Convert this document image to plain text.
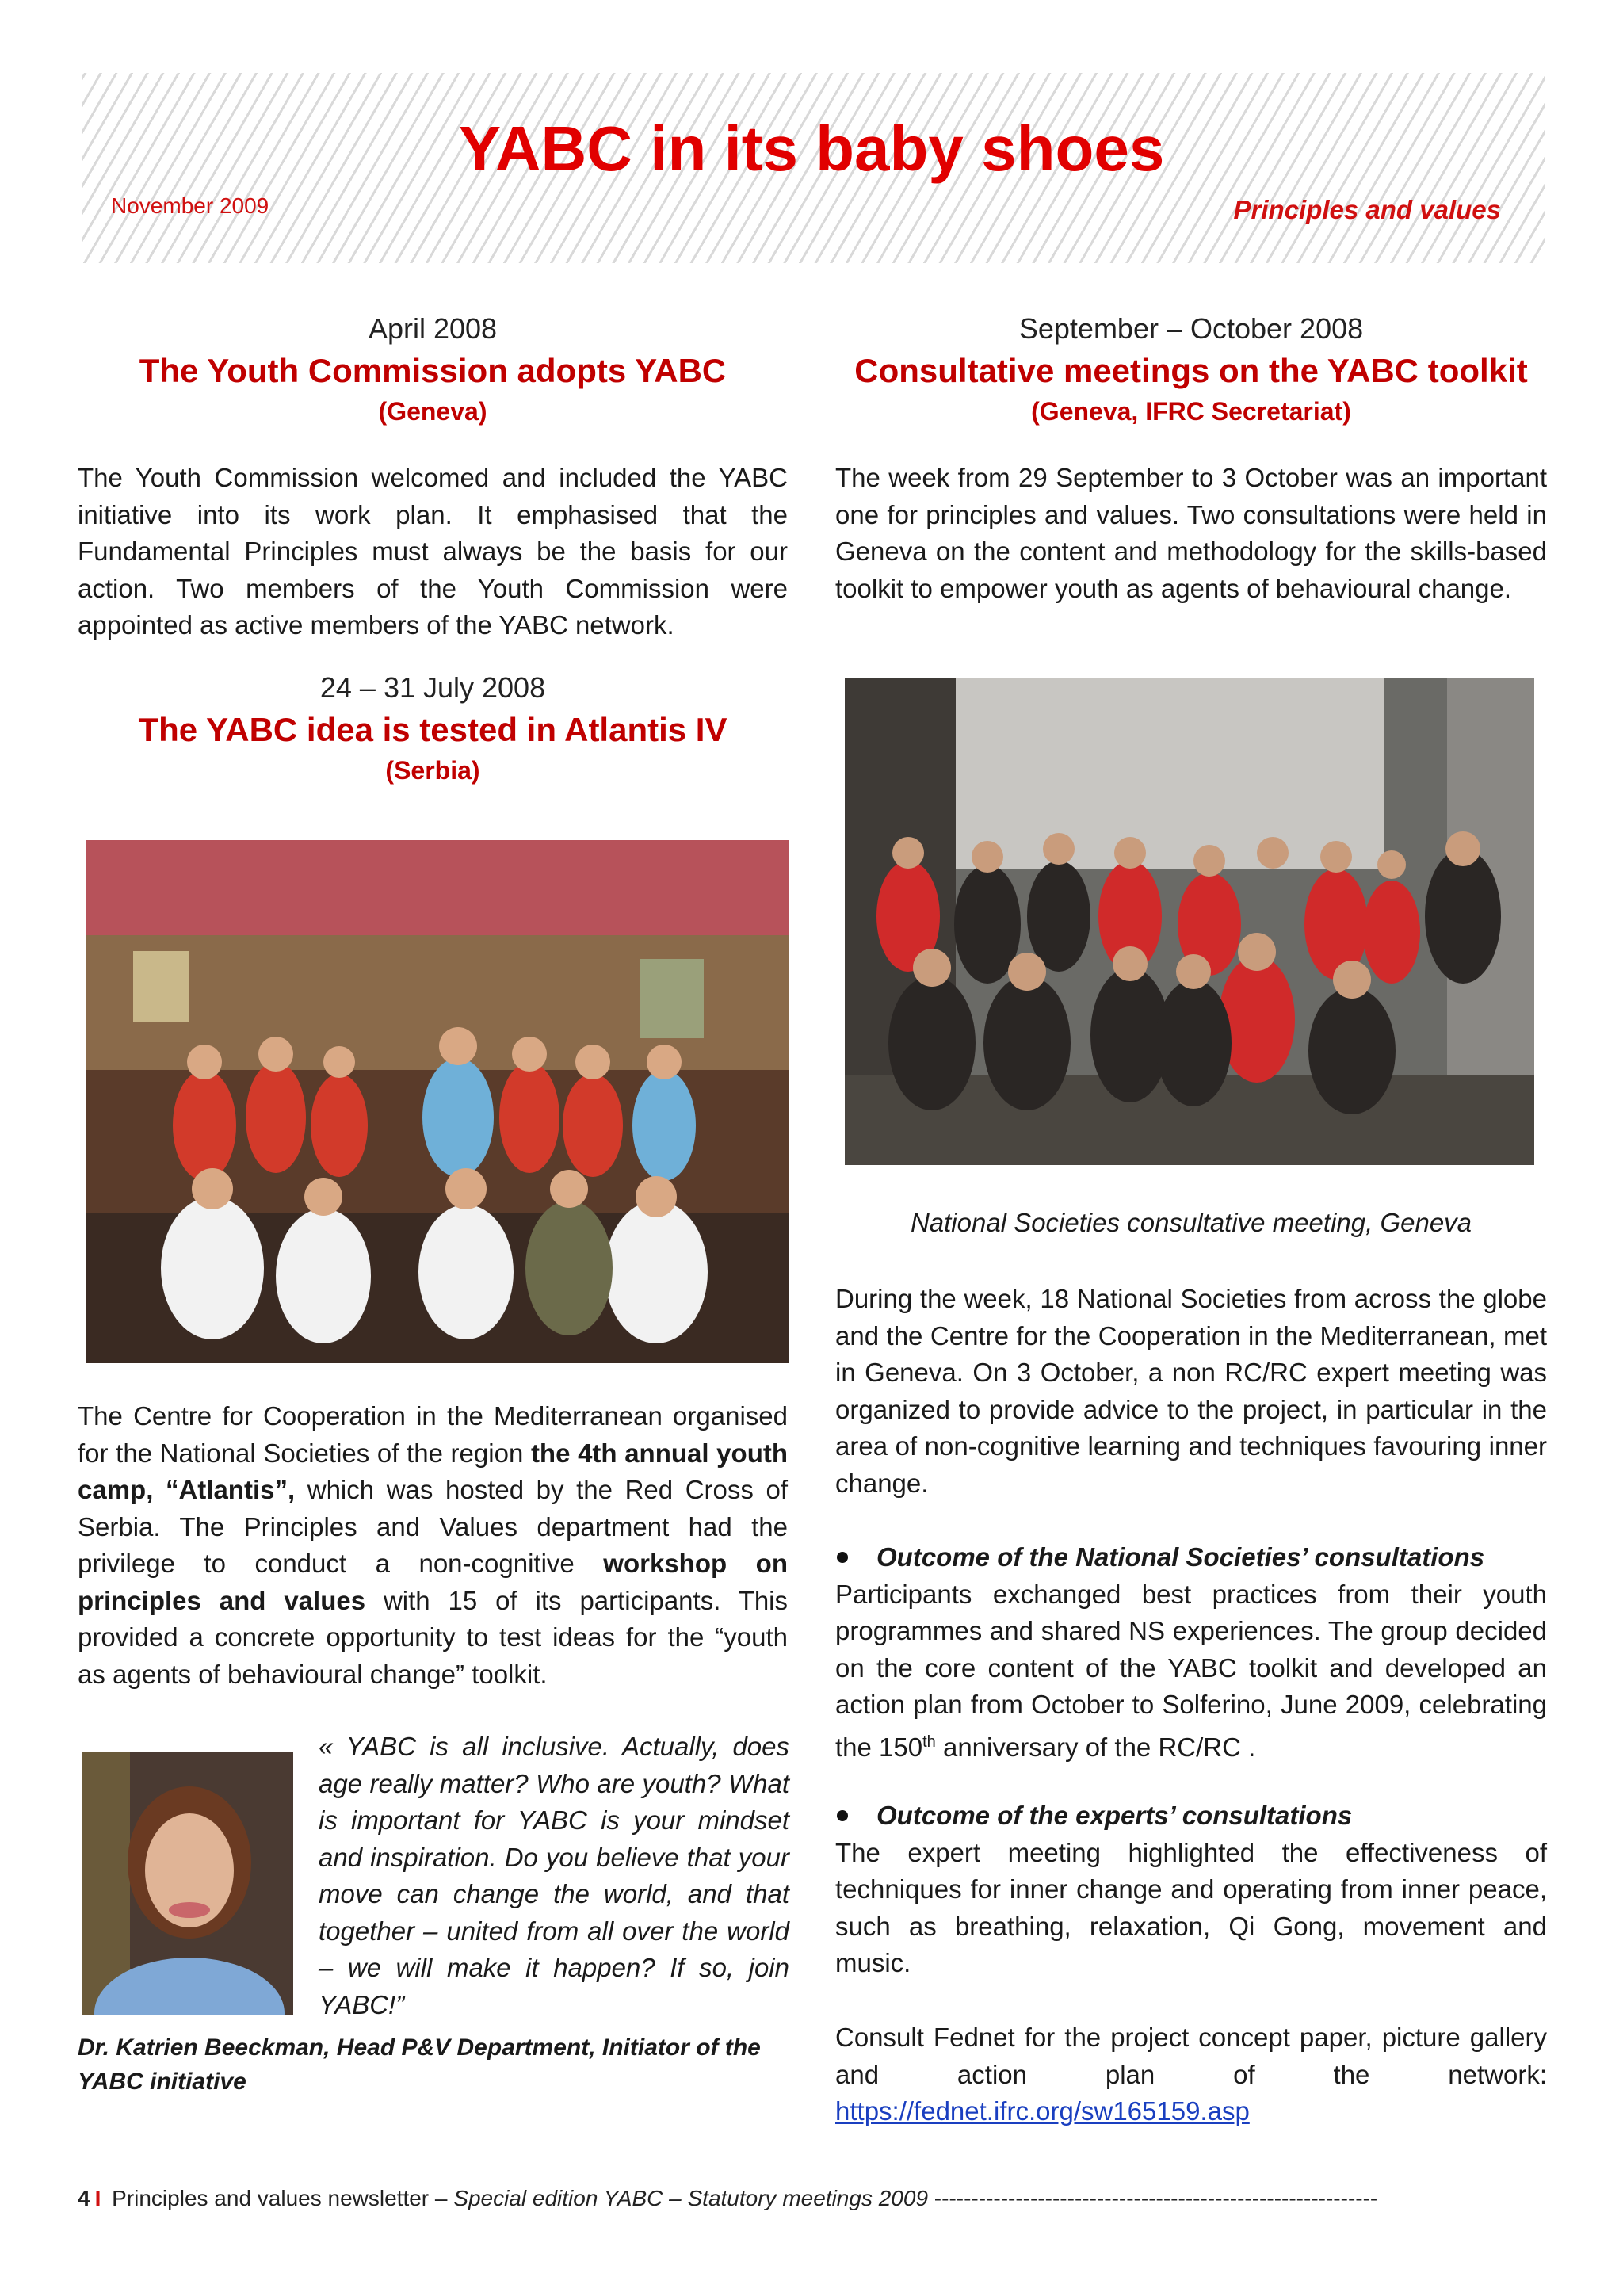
YABC in its baby shoes
November 2009	Principles and values
April 2008
The Youth Commission adopts YABC
(Geneva)
The Youth Commission welcomed and included the YABC initiative into its work plan. It emphasised that the Fundamental Principles must always be the basis for our action. Two members of the Youth Commission were appointed as active members of the YABC network.
24 – 31 July 2008
The YABC idea is tested in Atlantis IV
(Serbia)
The Centre for Cooperation in the Mediterranean organised for the National Societies of the region the 4th annual youth camp, “Atlantis”, which was hosted by the Red Cross of Serbia. The Principles and Values department had the privilege to conduct a non-cognitive workshop on principles and values with 15 of its participants. This provided a concrete opportunity to test ideas for the “youth as agents of behavioural change” toolkit.
« YABC is all inclusive. Actually, does age really matter? Who are youth? What is important for YABC is your mindset and inspiration. Do you believe that your move can change the world, and that together – united from all over the world – we will make it happen? If so, join YABC!”
Dr. Katrien Beeckman, Head P&V Department, Initiator of the YABC initiative
September – October 2008
Consultative meetings on the YABC toolkit
(Geneva, IFRC Secretariat)
The week from 29 September to 3 October was an important one for principles and values. Two consultations were held in Geneva on the content and methodology for the skills-based toolkit to empower youth as agents of behavioural change.
National Societies consultative meeting, Geneva
During the week, 18 National Societies from across the globe and the Centre for the Cooperation in the Mediterranean, met in Geneva. On 3 October, a non RC/RC expert meeting was organized to provide advice to the project, in particular in the area of non-cognitive learning and techniques favouring inner change.
Outcome of the National Societies’ consultations
Participants exchanged best practices from their youth programmes and shared NS experiences. The group decided on the core content of the YABC toolkit and developed an action plan from October to Solferino, June 2009, celebrating the 150th anniversary of the RC/RC .
Outcome of the experts’ consultations
The expert meeting highlighted the effectiveness of techniques for inner change and operating from inner peace, such as breathing, relaxation, Qi Gong, movement and music.
Consult Fednet for the project concept paper, picture gallery and action plan of the network: https://fednet.ifrc.org/sw165159.asp
4 I Principles and values newsletter – Special edition YABC – Statutory meetings 2009 ------------------------------------------------------------
